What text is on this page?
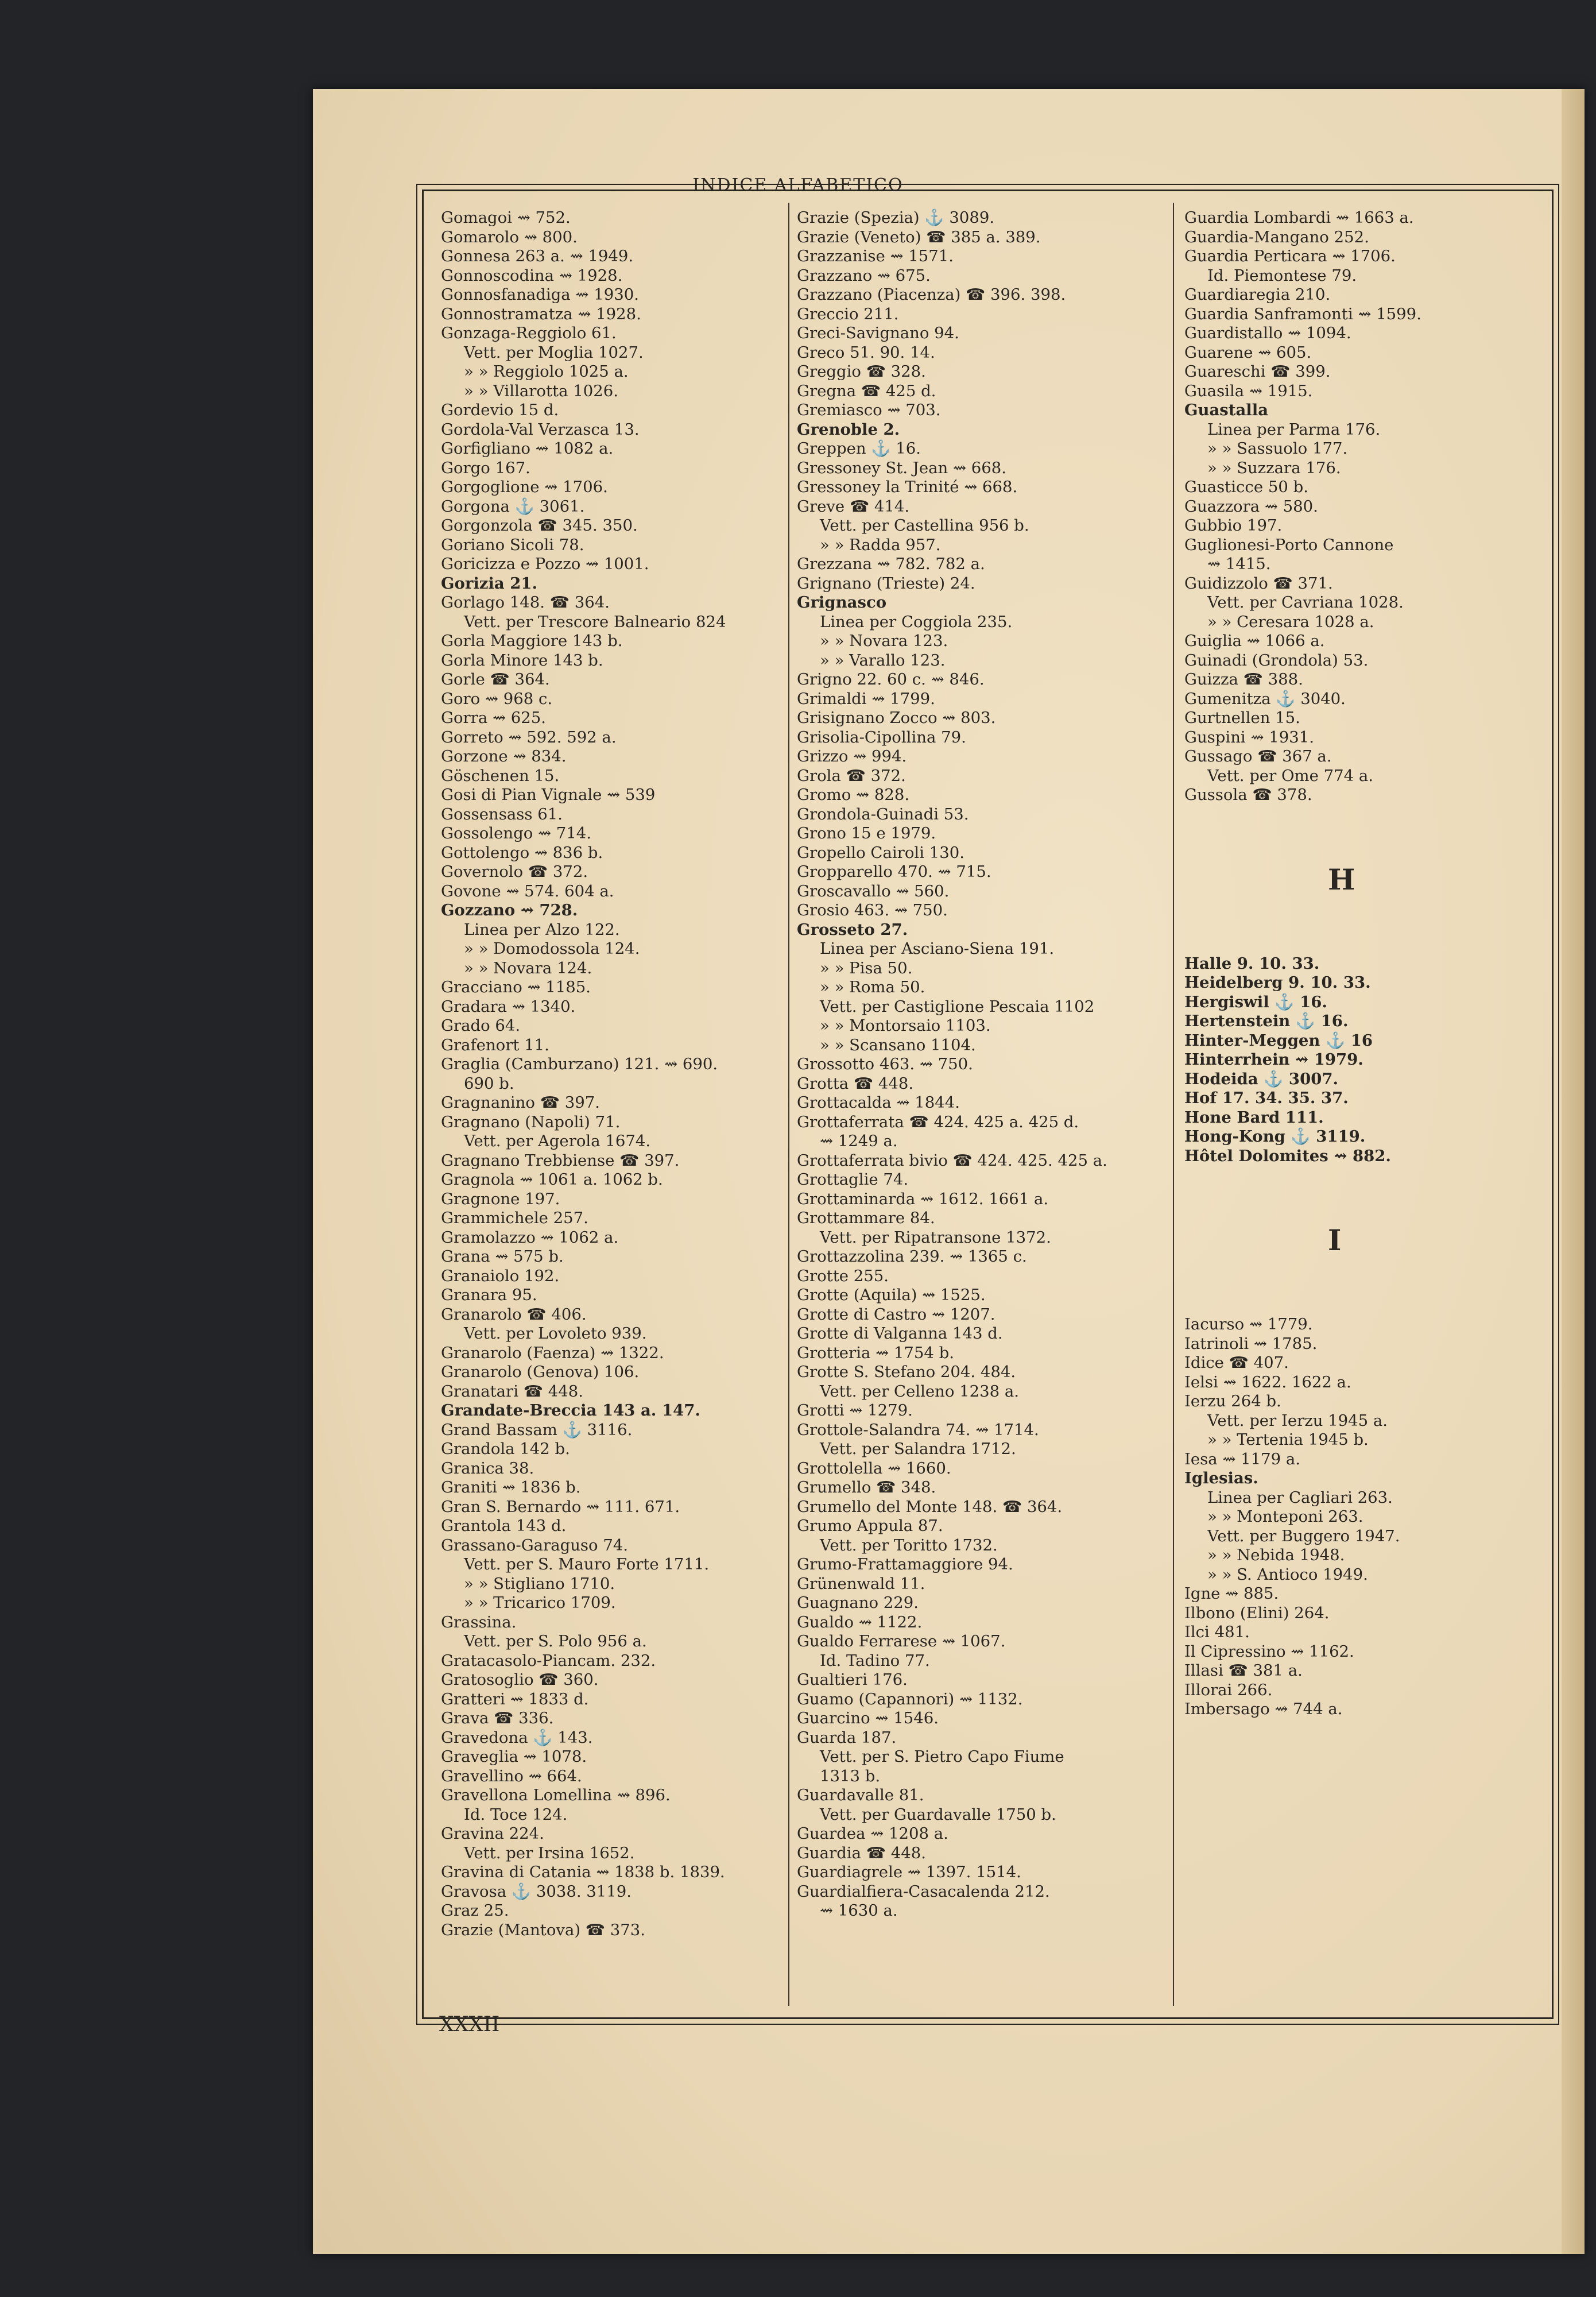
INDICE ALFABETICO
Gomagoi ⇝ 752.
Gomarolo ⇝ 800.
Gonnesa 263 a. ⇝ 1949.
Gonnoscodina ⇝ 1928.
Gonnosfanadiga ⇝ 1930.
Gonnostramatza ⇝ 1928.
Gonzaga-Reggiolo 61.
Vett. per Moglia 1027.
» » Reggiolo 1025 a.
» » Villarotta 1026.
Gordevio 15 d.
Gordola-Val Verzasca 13.
Gorfigliano ⇝ 1082 a.
Gorgo 167.
Gorgoglione ⇝ 1706.
Gorgona ⚓ 3061.
Gorgonzola ☎ 345. 350.
Goriano Sicoli 78.
Goricizza e Pozzo ⇝ 1001.
Gorizia 21.
Gorlago 148. ☎ 364.
Vett. per Trescore Balneario 824
Gorla Maggiore 143 b.
Gorla Minore 143 b.
Gorle ☎ 364.
Goro ⇝ 968 c.
Gorra ⇝ 625.
Gorreto ⇝ 592. 592 a.
Gorzone ⇝ 834.
Göschenen 15.
Gosi di Pian Vignale ⇝ 539
Gossensass 61.
Gossolengo ⇝ 714.
Gottolengo ⇝ 836 b.
Governolo ☎ 372.
Govone ⇝ 574. 604 a.
Gozzano ⇝ 728.
Linea per Alzo 122.
» » Domodossola 124.
» » Novara 124.
Gracciano ⇝ 1185.
Gradara ⇝ 1340.
Grado 64.
Grafenort 11.
Graglia (Camburzano) 121. ⇝ 690.
690 b.
Gragnanino ☎ 397.
Gragnano (Napoli) 71.
Vett. per Agerola 1674.
Gragnano Trebbiense ☎ 397.
Gragnola ⇝ 1061 a. 1062 b.
Gragnone 197.
Grammichele 257.
Gramolazzo ⇝ 1062 a.
Grana ⇝ 575 b.
Granaiolo 192.
Granara 95.
Granarolo ☎ 406.
Vett. per Lovoleto 939.
Granarolo (Faenza) ⇝ 1322.
Granarolo (Genova) 106.
Granatari ☎ 448.
Grandate-Breccia 143 a. 147.
Grand Bassam ⚓ 3116.
Grandola 142 b.
Granica 38.
Graniti ⇝ 1836 b.
Gran S. Bernardo ⇝ 111. 671.
Grantola 143 d.
Grassano-Garaguso 74.
Vett. per S. Mauro Forte 1711.
» » Stigliano 1710.
» » Tricarico 1709.
Grassina.
Vett. per S. Polo 956 a.
Gratacasolo-Piancam. 232.
Gratosoglio ☎ 360.
Gratteri ⇝ 1833 d.
Grava ☎ 336.
Gravedona ⚓ 143.
Graveglia ⇝ 1078.
Gravellino ⇝ 664.
Gravellona Lomellina ⇝ 896.
Id. Toce 124.
Gravina 224.
Vett. per Irsina 1652.
Gravina di Catania ⇝ 1838 b. 1839.
Gravosa ⚓ 3038. 3119.
Graz 25.
Grazie (Mantova) ☎ 373.
Grazie (Spezia) ⚓ 3089.
Grazie (Veneto) ☎ 385 a. 389.
Grazzanise ⇝ 1571.
Grazzano ⇝ 675.
Grazzano (Piacenza) ☎ 396. 398.
Greccio 211.
Greci-Savignano 94.
Greco 51. 90. 14.
Greggio ☎ 328.
Gregna ☎ 425 d.
Gremiasco ⇝ 703.
Grenoble 2.
Greppen ⚓ 16.
Gressoney St. Jean ⇝ 668.
Gressoney la Trinité ⇝ 668.
Greve ☎ 414.
Vett. per Castellina 956 b.
» » Radda 957.
Grezzana ⇝ 782. 782 a.
Grignano (Trieste) 24.
Grignasco
Linea per Coggiola 235.
» » Novara 123.
» » Varallo 123.
Grigno 22. 60 c. ⇝ 846.
Grimaldi ⇝ 1799.
Grisignano Zocco ⇝ 803.
Grisolia-Cipollina 79.
Grizzo ⇝ 994.
Grola ☎ 372.
Gromo ⇝ 828.
Grondola-Guinadi 53.
Grono 15 e 1979.
Gropello Cairoli 130.
Gropparello 470. ⇝ 715.
Groscavallo ⇝ 560.
Grosio 463. ⇝ 750.
Grosseto 27.
Linea per Asciano-Siena 191.
» » Pisa 50.
» » Roma 50.
Vett. per Castiglione Pescaia 1102
» » Montorsaio 1103.
» » Scansano 1104.
Grossotto 463. ⇝ 750.
Grotta ☎ 448.
Grottacalda ⇝ 1844.
Grottaferrata ☎ 424. 425 a. 425 d.
⇝ 1249 a.
Grottaferrata bivio ☎ 424. 425. 425 a.
Grottaglie 74.
Grottaminarda ⇝ 1612. 1661 a.
Grottammare 84.
Vett. per Ripatransone 1372.
Grottazzolina 239. ⇝ 1365 c.
Grotte 255.
Grotte (Aquila) ⇝ 1525.
Grotte di Castro ⇝ 1207.
Grotte di Valganna 143 d.
Grotteria ⇝ 1754 b.
Grotte S. Stefano 204. 484.
Vett. per Celleno 1238 a.
Grotti ⇝ 1279.
Grottole-Salandra 74. ⇝ 1714.
Vett. per Salandra 1712.
Grottolella ⇝ 1660.
Grumello ☎ 348.
Grumello del Monte 148. ☎ 364.
Grumo Appula 87.
Vett. per Toritto 1732.
Grumo-Frattamaggiore 94.
Grünenwald 11.
Guagnano 229.
Gualdo ⇝ 1122.
Gualdo Ferrarese ⇝ 1067.
Id. Tadino 77.
Gualtieri 176.
Guamo (Capannori) ⇝ 1132.
Guarcino ⇝ 1546.
Guarda 187.
Vett. per S. Pietro Capo Fiume
1313 b.
Guardavalle 81.
Vett. per Guardavalle 1750 b.
Guardea ⇝ 1208 a.
Guardia ☎ 448.
Guardiagrele ⇝ 1397. 1514.
Guardialfiera-Casacalenda 212.
⇝ 1630 a.
Guardia Lombardi ⇝ 1663 a.
Guardia-Mangano 252.
Guardia Perticara ⇝ 1706.
Id. Piemontese 79.
Guardiaregia 210.
Guardia Sanframonti ⇝ 1599.
Guardistallo ⇝ 1094.
Guarene ⇝ 605.
Guareschi ☎ 399.
Guasila ⇝ 1915.
Guastalla
Linea per Parma 176.
» » Sassuolo 177.
» » Suzzara 176.
Guasticce 50 b.
Guazzora ⇝ 580.
Gubbio 197.
Guglionesi-Porto Cannone
⇝ 1415.
Guidizzolo ☎ 371.
Vett. per Cavriana 1028.
» » Ceresara 1028 a.
Guiglia ⇝ 1066 a.
Guinadi (Grondola) 53.
Guizza ☎ 388.
Gumenitza ⚓ 3040.
Gurtnellen 15.
Guspini ⇝ 1931.
Gussago ☎ 367 a.
Vett. per Ome 774 a.
Gussola ☎ 378.
H
Halle 9. 10. 33.
Heidelberg 9. 10. 33.
Hergiswil ⚓ 16.
Hertenstein ⚓ 16.
Hinter-Meggen ⚓ 16
Hinterrhein ⇝ 1979.
Hodeida ⚓ 3007.
Hof 17. 34. 35. 37.
Hone Bard 111.
Hong-Kong ⚓ 3119.
Hôtel Dolomites ⇝ 882.
I
Iacurso ⇝ 1779.
Iatrinoli ⇝ 1785.
Idice ☎ 407.
Ielsi ⇝ 1622. 1622 a.
Ierzu 264 b.
Vett. per Ierzu 1945 a.
» » Tertenia 1945 b.
Iesa ⇝ 1179 a.
Iglesias.
Linea per Cagliari 263.
» » Monteponi 263.
Vett. per Buggero 1947.
» » Nebida 1948.
» » S. Antioco 1949.
Igne ⇝ 885.
Ilbono (Elini) 264.
Ilci 481.
Il Cipressino ⇝ 1162.
Illasi ☎ 381 a.
Illorai 266.
Imbersago ⇝ 744 a.
XXXII
